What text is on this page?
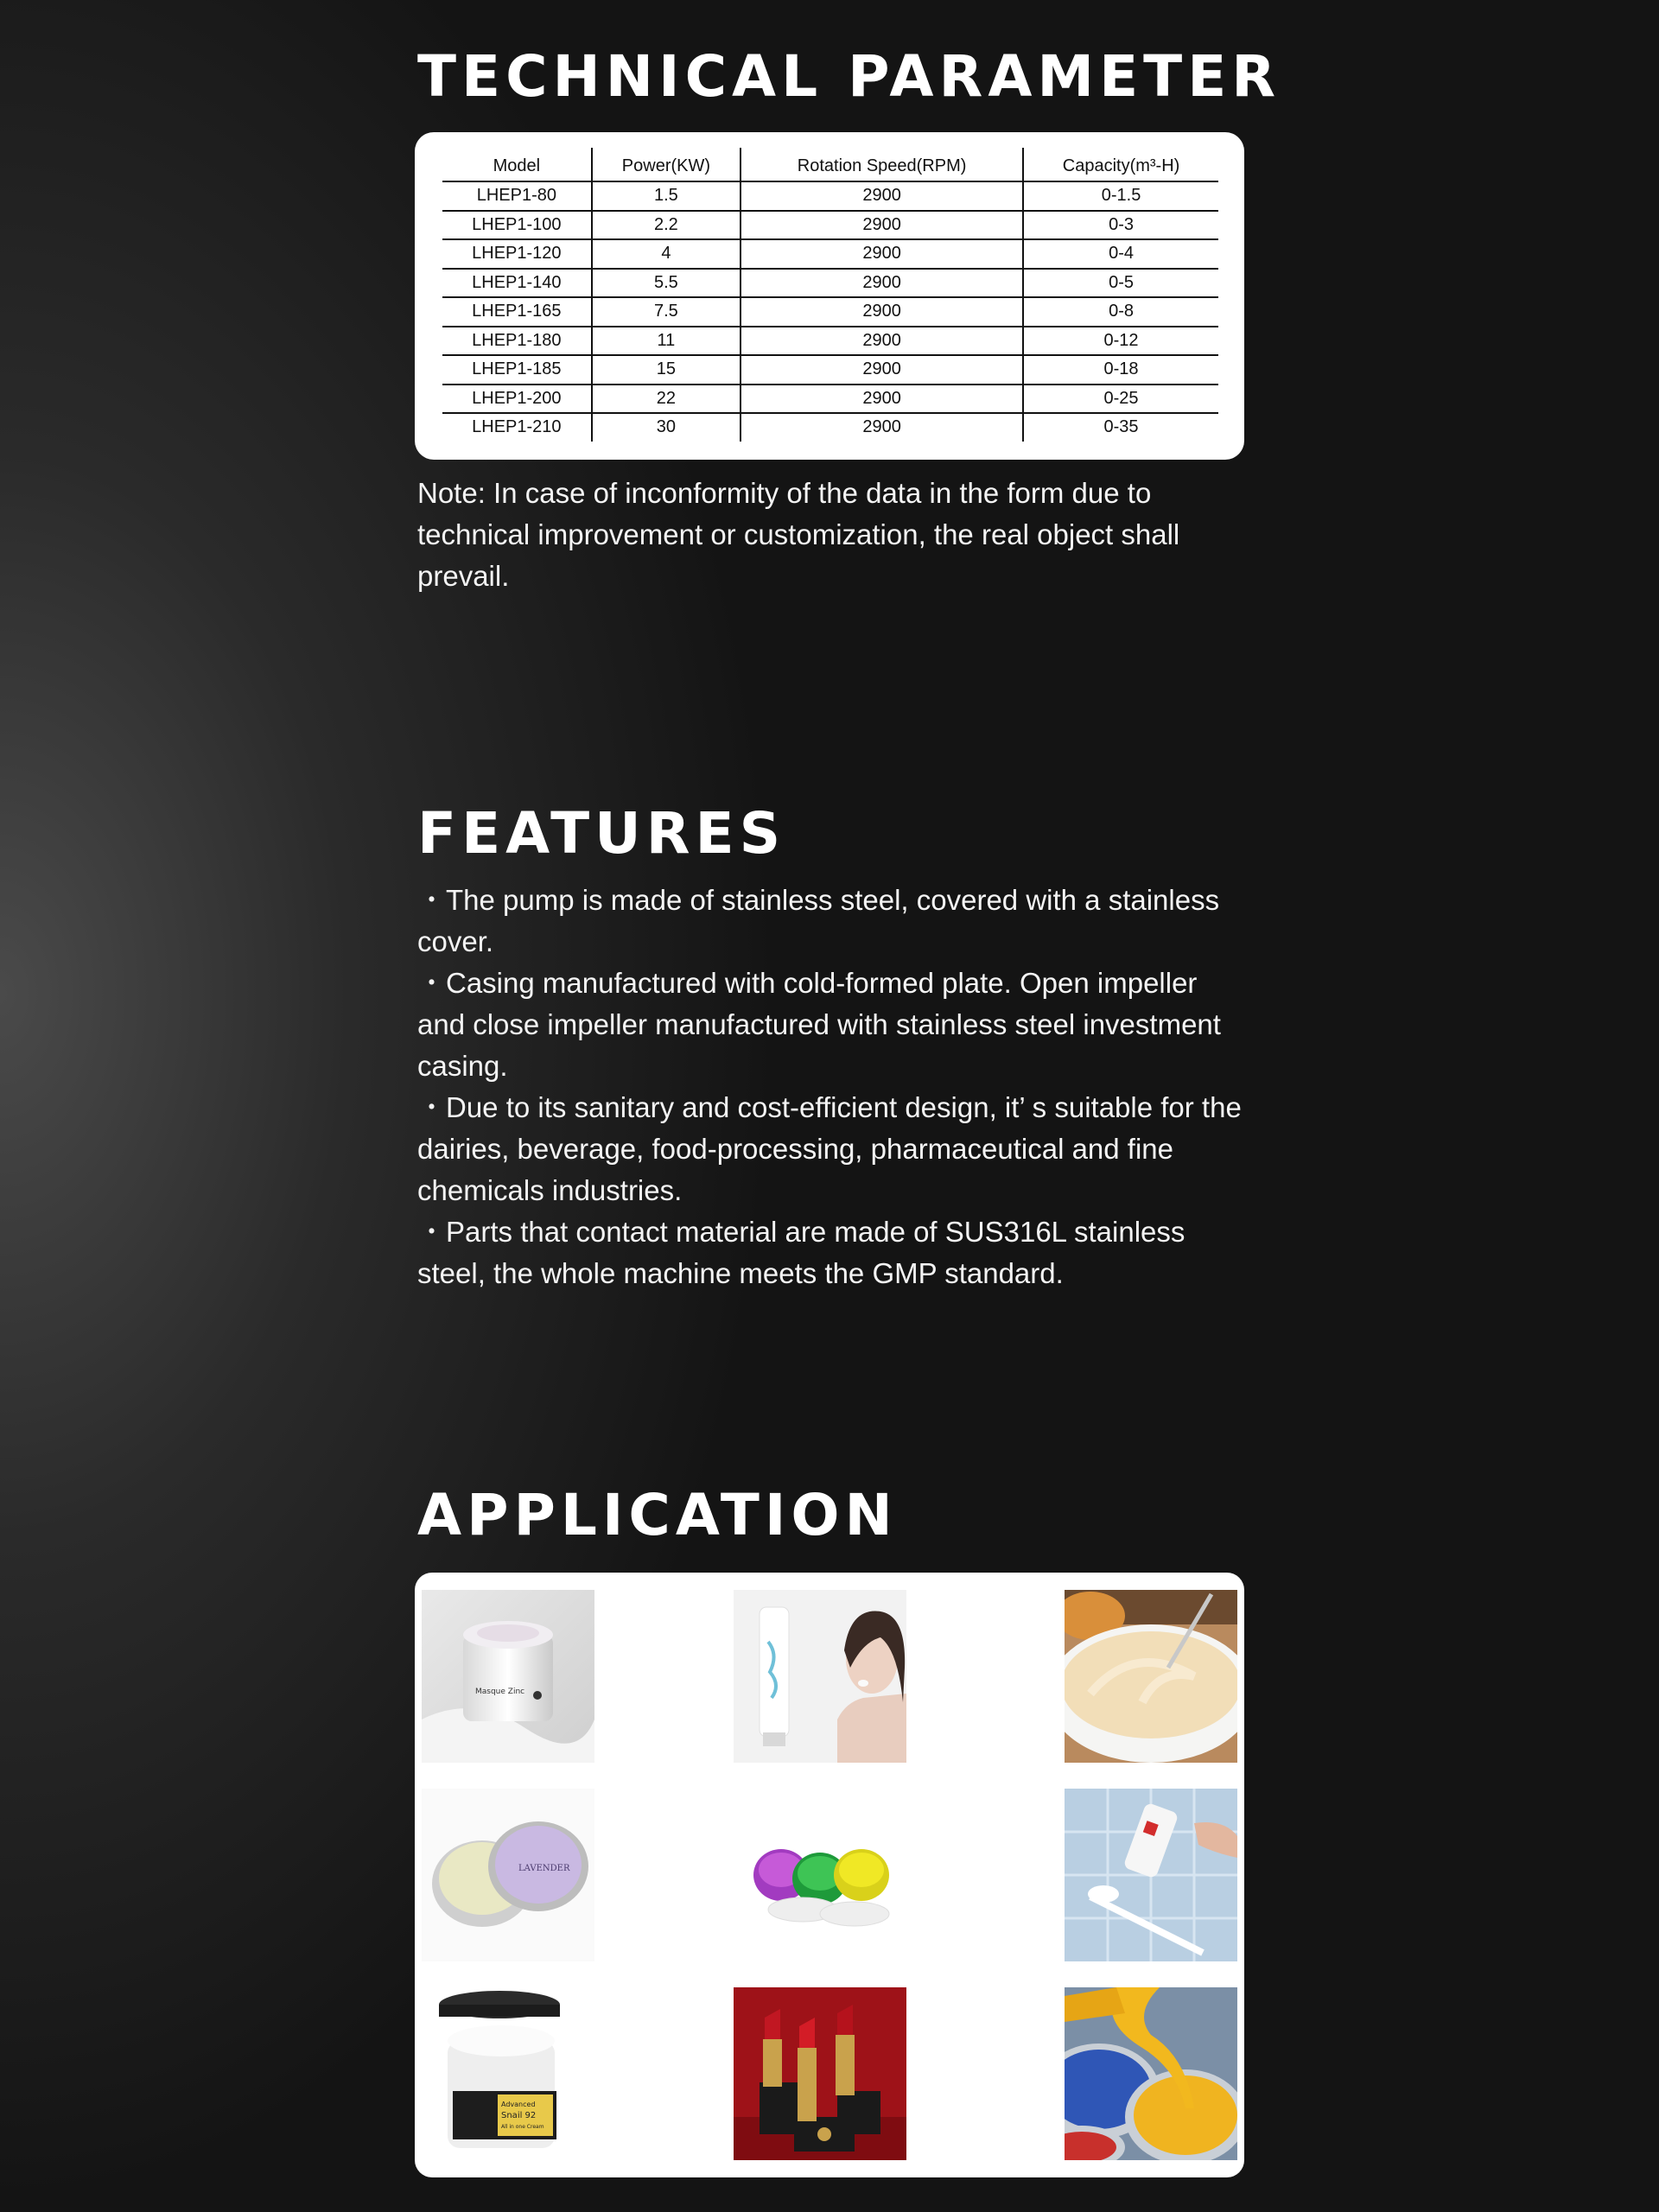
TECHNICAL PARAMETER
Model	Power(KW)	Rotation Speed(RPM)	Capacity(m³-H)
LHEP1-80	1.5	2900	0-1.5
LHEP1-100	2.2	2900	0-3
LHEP1-120	4	2900	0-4
LHEP1-140	5.5	2900	0-5
LHEP1-165	7.5	2900	0-8
LHEP1-180	11	2900	0-12
LHEP1-185	15	2900	0-18
LHEP1-200	22	2900	0-25
LHEP1-210	30	2900	0-35

Note: In case of inconformity of the data in the form due to technical improvement or customization, the real object shall prevail.

FEATURES
・The pump is made of stainless steel, covered with a stainless cover.
・Casing manufactured with cold-formed plate. Open impeller and close impeller manufactured with stainless steel investment casing.
・Due to its sanitary and cost-efficient design, it’ s suitable for the dairies, beverage, food-processing, pharmaceutical and fine chemicals industries.
・Parts that contact material are made of SUS316L stainless steel, the whole machine meets the GMP standard.
APPLICATION
Masque Zinc
LAVENDER
Advanced
Snail 92
All in one Cream
